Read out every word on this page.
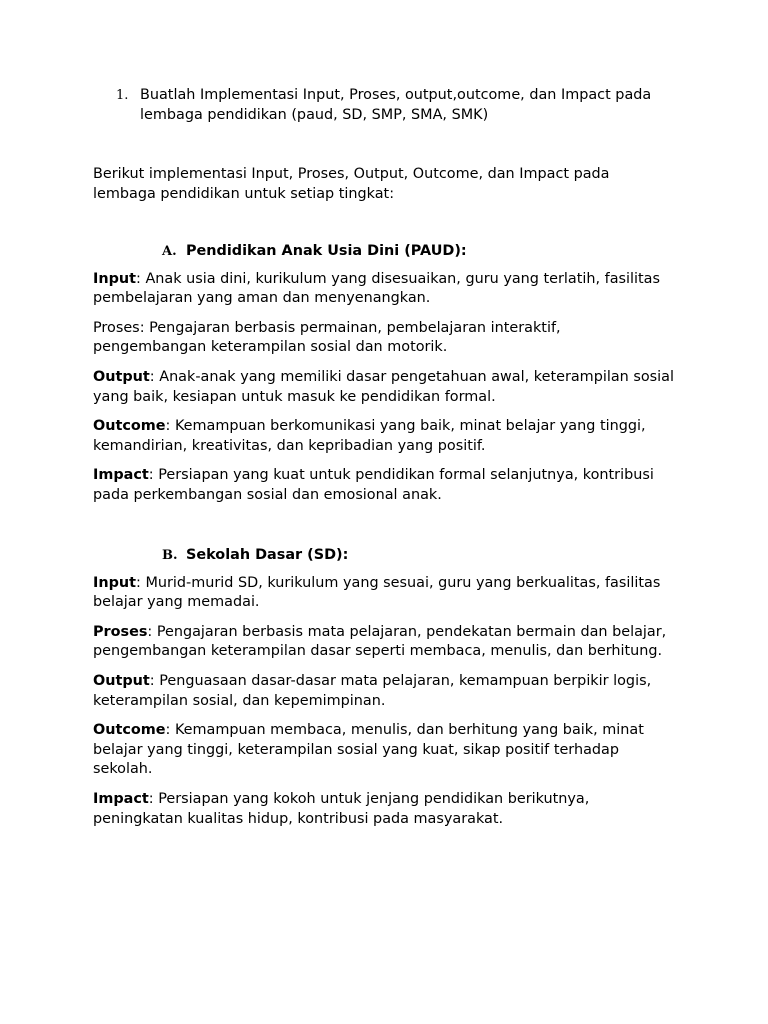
1. Buatlah Implementasi Input, Proses, output,outcome, dan Impact pada lembaga pendidikan (paud, SD, SMP, SMA, SMK)
Berikut implementasi Input, Proses, Output, Outcome, dan Impact pada lembaga pendidikan untuk setiap tingkat:
A. Pendidikan Anak Usia Dini (PAUD):

Input: Anak usia dini, kurikulum yang disesuaikan, guru yang terlatih, fasilitas pembelajaran yang aman dan menyenangkan.

Proses: Pengajaran berbasis permainan, pembelajaran interaktif, pengembangan keterampilan sosial dan motorik.

Output: Anak-anak yang memiliki dasar pengetahuan awal, keterampilan sosial yang baik, kesiapan untuk masuk ke pendidikan formal.

Outcome: Kemampuan berkomunikasi yang baik, minat belajar yang tinggi, kemandirian, kreativitas, dan kepribadian yang positif.

Impact: Persiapan yang kuat untuk pendidikan formal selanjutnya, kontribusi pada perkembangan sosial dan emosional anak.

B. Sekolah Dasar (SD):

Input: Murid-murid SD, kurikulum yang sesuai, guru yang berkualitas, fasilitas belajar yang memadai.

Proses: Pengajaran berbasis mata pelajaran, pendekatan bermain dan belajar, pengembangan keterampilan dasar seperti membaca, menulis, dan berhitung.

Output: Penguasaan dasar-dasar mata pelajaran, kemampuan berpikir logis, keterampilan sosial, dan kepemimpinan.

Outcome: Kemampuan membaca, menulis, dan berhitung yang baik, minat belajar yang tinggi, keterampilan sosial yang kuat, sikap positif terhadap sekolah.

Impact: Persiapan yang kokoh untuk jenjang pendidikan berikutnya, peningkatan kualitas hidup, kontribusi pada masyarakat.
